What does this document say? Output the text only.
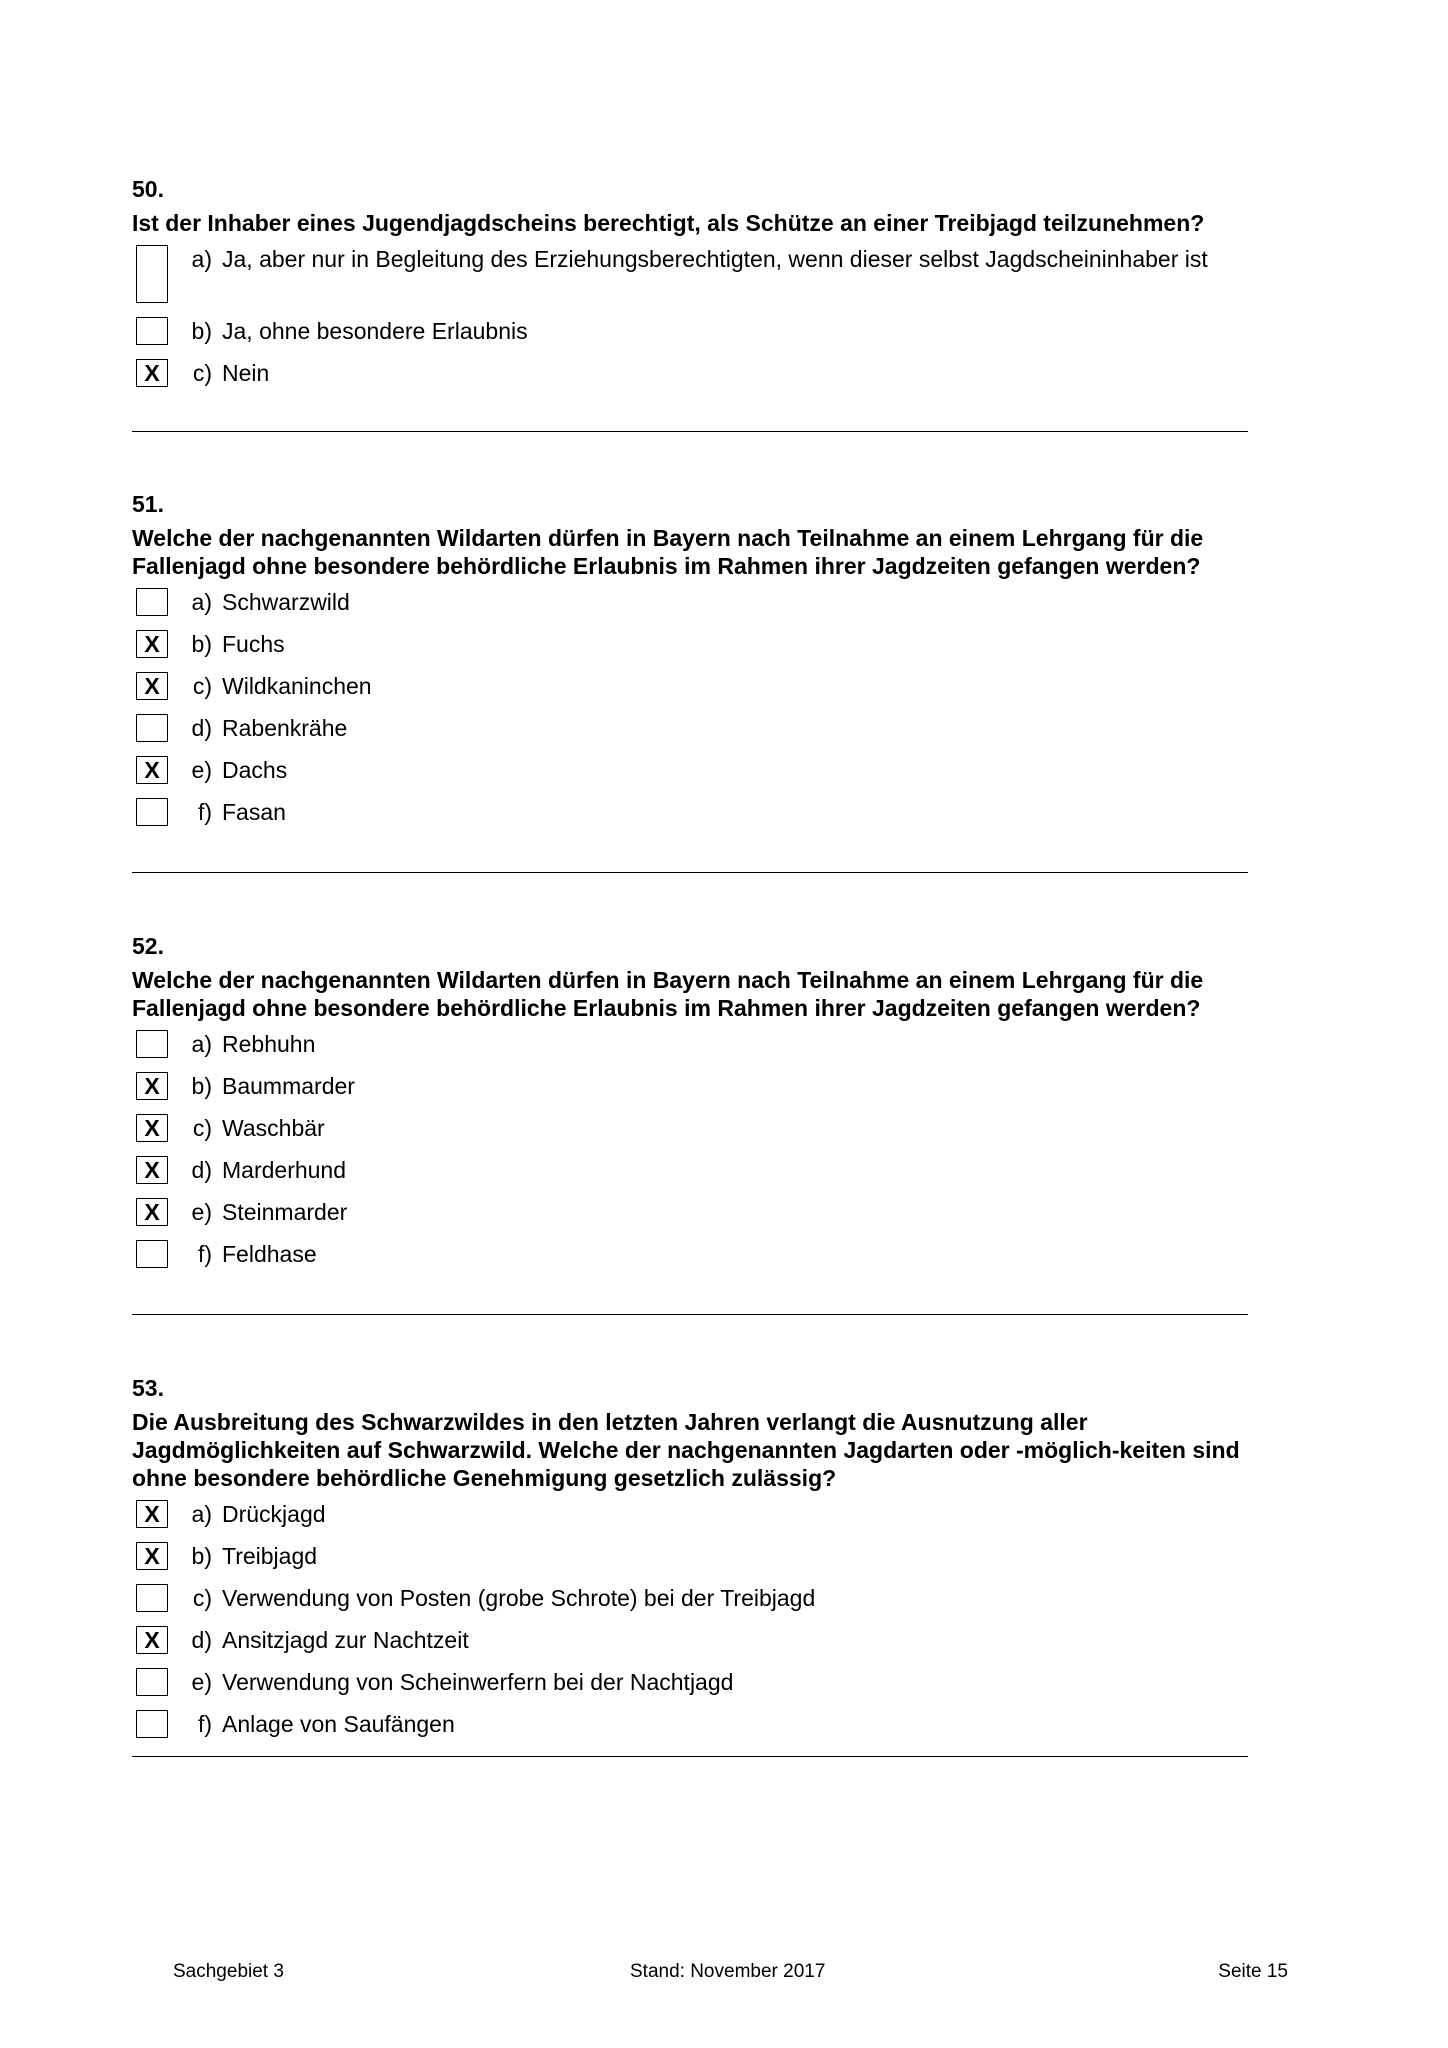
50.
Ist der Inhaber eines Jugendjagdscheins berechtigt, als Schütze an einer Treibjagd teilzunehmen?
a) Ja, aber nur in Begleitung des Erziehungsberechtigten, wenn dieser selbst Jagdscheininhaber ist
b) Ja, ohne besondere Erlaubnis
X	c) Nein
51.
Welche der nachgenannten Wildarten dürfen in Bayern nach Teilnahme an einem Lehrgang für die Fallenjagd ohne besondere behördliche Erlaubnis im Rahmen ihrer Jagdzeiten gefangen werden?
a) Schwarzwild
X	b) Fuchs
X	c) Wildkaninchen
d) Rabenkrähe
X	e) Dachs
f) Fasan
52.
Welche der nachgenannten Wildarten dürfen in Bayern nach Teilnahme an einem Lehrgang für die Fallenjagd ohne besondere behördliche Erlaubnis im Rahmen ihrer Jagdzeiten gefangen werden?
a) Rebhuhn
X	b) Baummarder
X	c) Waschbär
X	d) Marderhund
X	e) Steinmarder
f) Feldhase
53.
Die Ausbreitung des Schwarzwildes in den letzten Jahren verlangt die Ausnutzung aller Jagdmöglichkeiten auf Schwarzwild. Welche der nachgenannten Jagdarten oder -möglich-keiten sind ohne besondere behördliche Genehmigung gesetzlich zulässig?
X	a) Drückjagd
X	b) Treibjagd
c) Verwendung von Posten (grobe Schrote) bei der Treibjagd
X	d) Ansitzjagd zur Nachtzeit
e) Verwendung von Scheinwerfern bei der Nachtjagd
f) Anlage von Saufängen
Sachgebiet 3	Stand: November 2017	Seite 15
